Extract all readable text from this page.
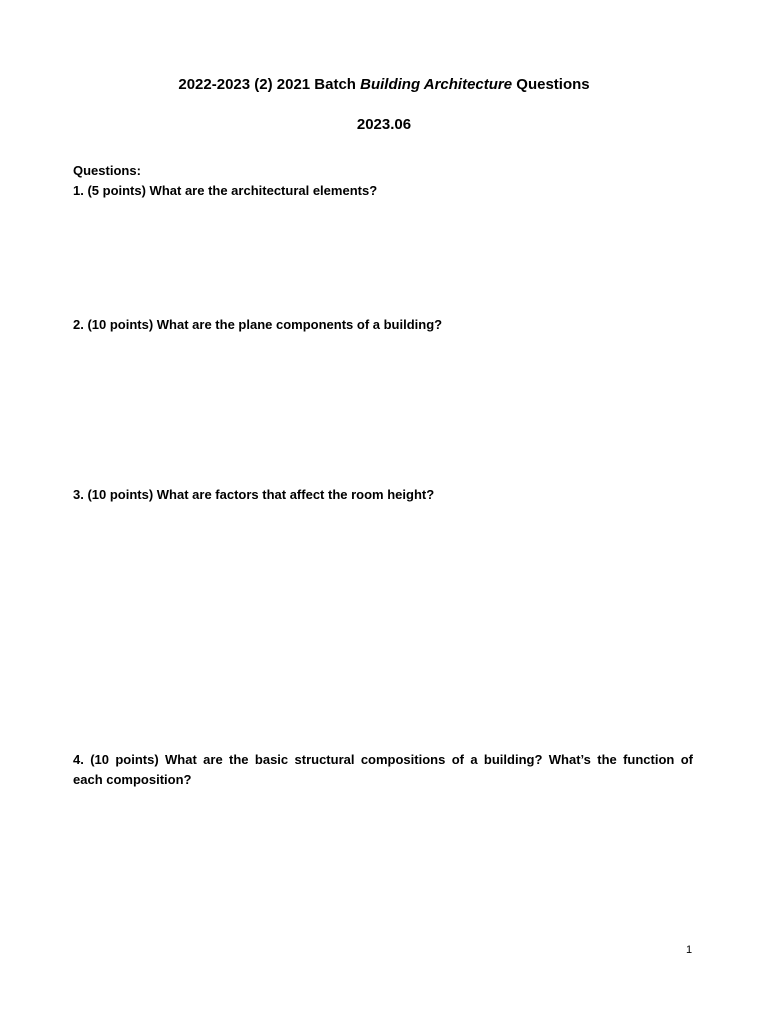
2022-2023 (2) 2021 Batch Building Architecture Questions
2023.06
Questions:
1. (5 points) What are the architectural elements?
2. (10 points) What are the plane components of a building?
3. (10 points) What are factors that affect the room height?
4. (10 points) What are the basic structural compositions of a building? What’s the function of
each composition?
1
